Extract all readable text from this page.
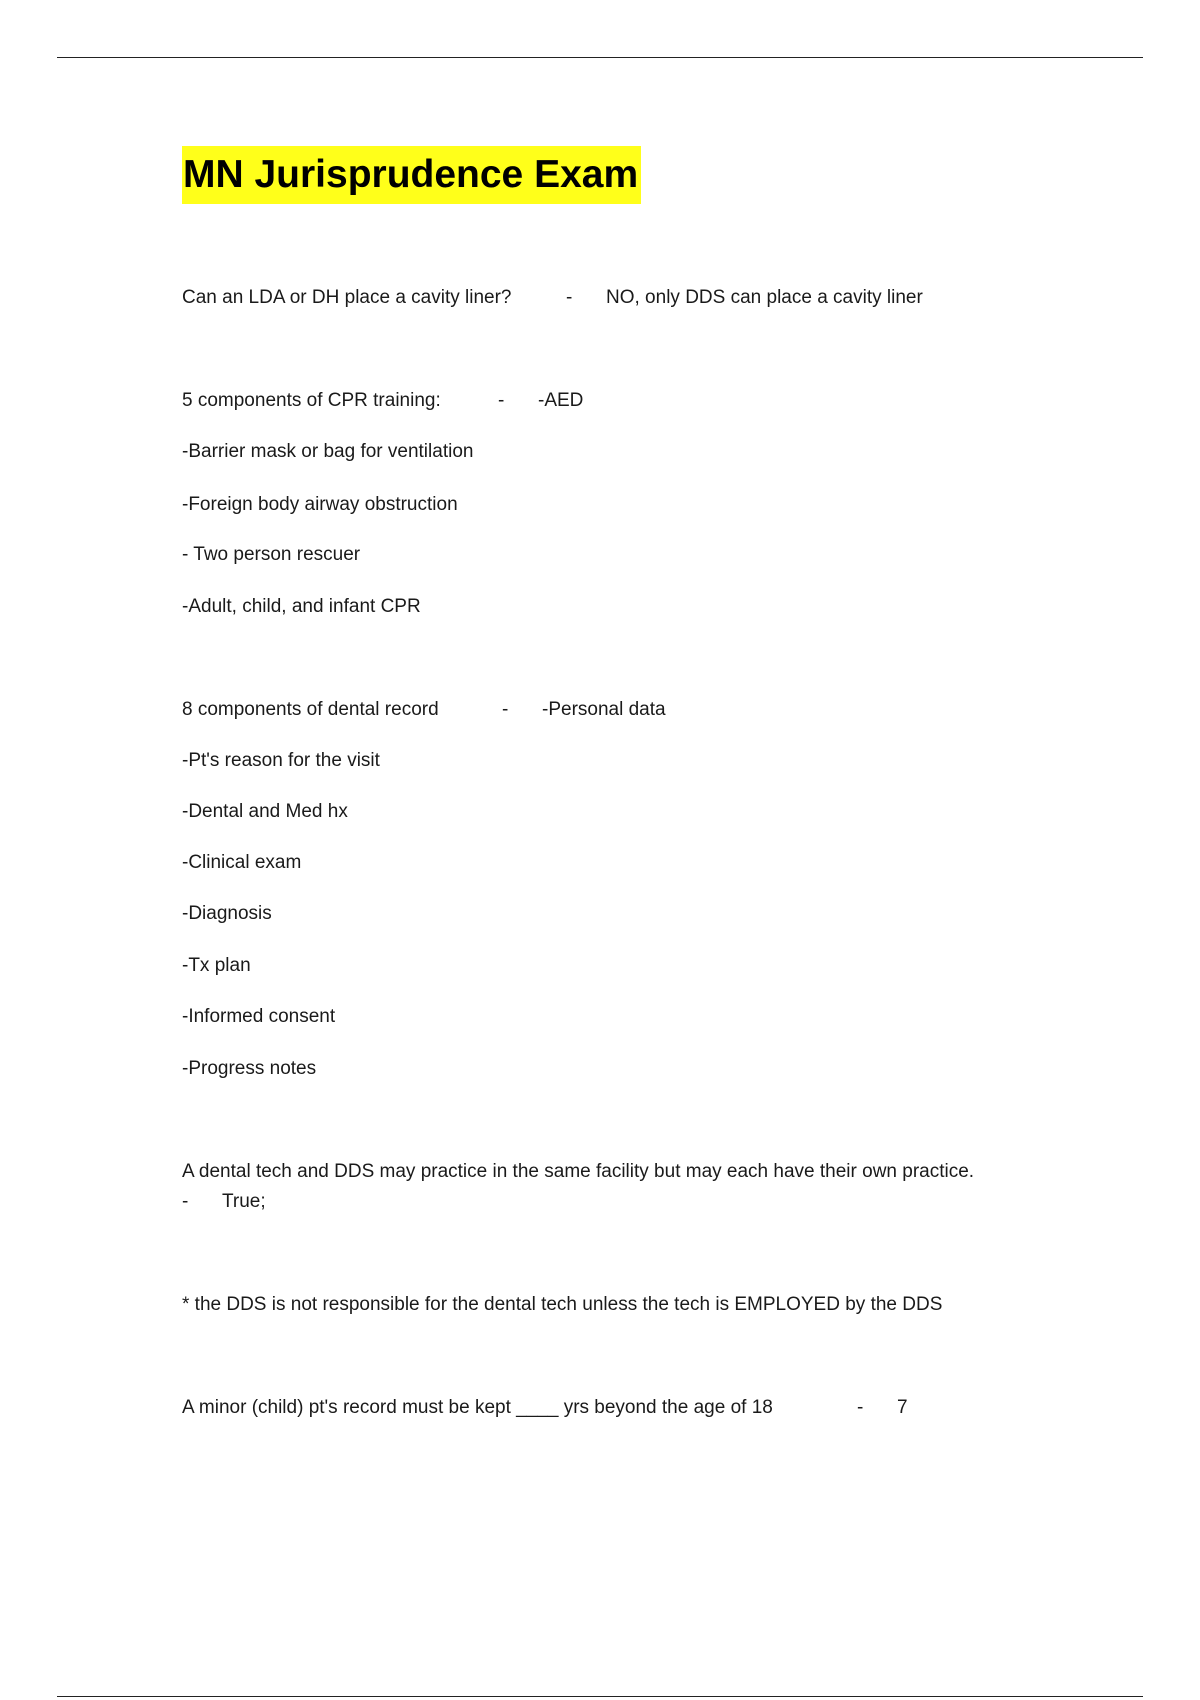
MN Jurisprudence Exam
Can an LDA or DH place a cavity liner?	- NO, only DDS can place a cavity liner
5 components of CPR training:	- -AED
-Barrier mask or bag for ventilation
-Foreign body airway obstruction
- Two person rescuer
-Adult, child, and infant CPR
8 components of dental record	- -Personal data
-Pt's reason for the visit
-Dental and Med hx
-Clinical exam
-Diagnosis
-Tx plan
-Informed consent
-Progress notes
A dental tech and DDS may practice in the same facility but may each have their own practice.
- True;
* the DDS is not responsible for the dental tech unless the tech is EMPLOYED by the DDS
A minor (child) pt's record must be kept ____ yrs beyond the age of 18	- 7
